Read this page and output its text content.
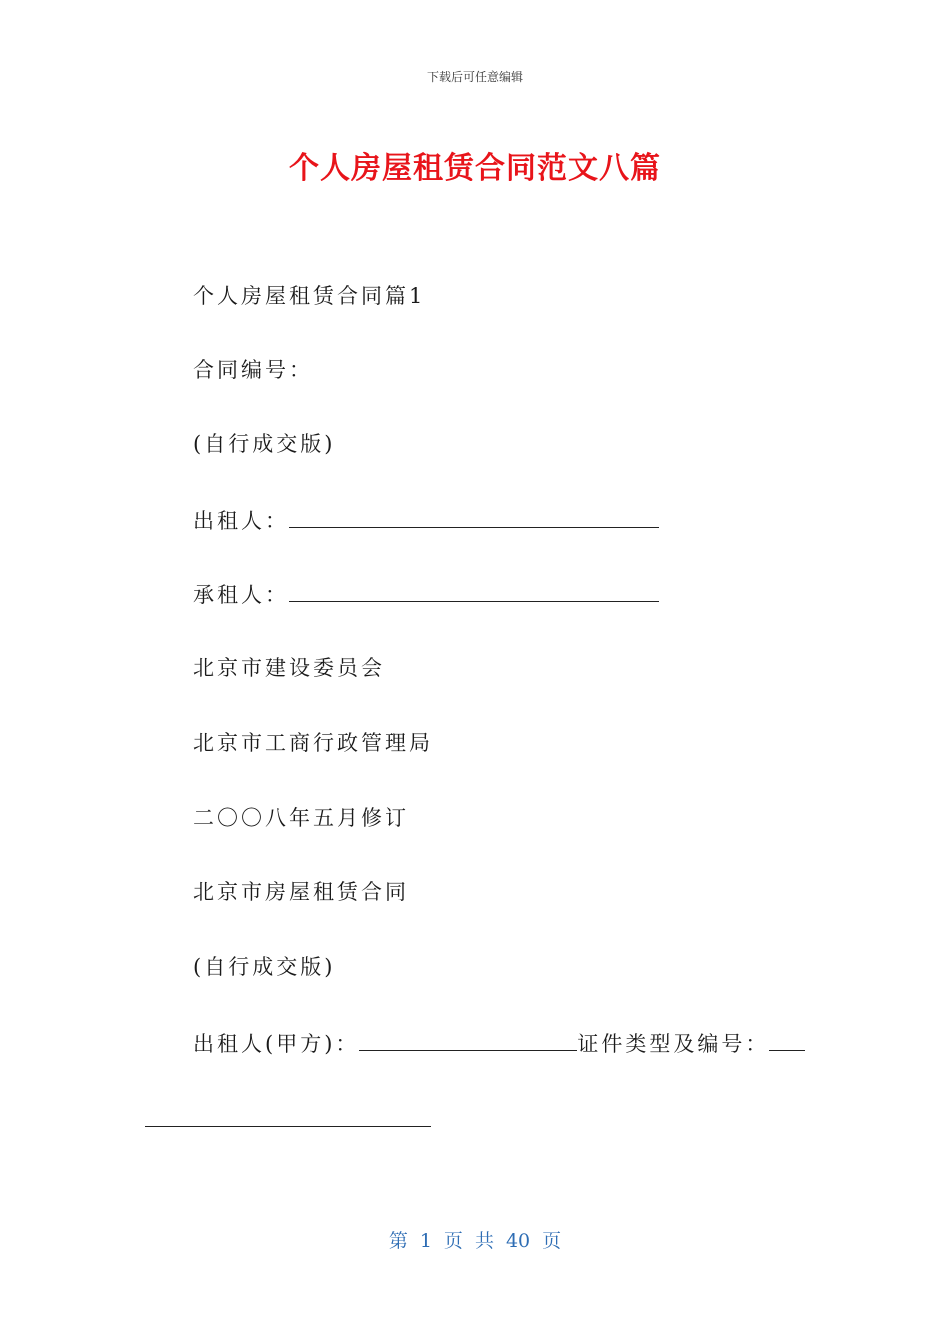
下载后可任意编辑
个人房屋租赁合同范文八篇
个人房屋租赁合同篇1
合同编号：
(自行成交版)
出租人：
承租人：
北京市建设委员会
北京市工商行政管理局
二〇〇八年五月修订
北京市房屋租赁合同
(自行成交版)
出租人(甲方)：	证件类型及编号：
第 1 页 共 40 页
